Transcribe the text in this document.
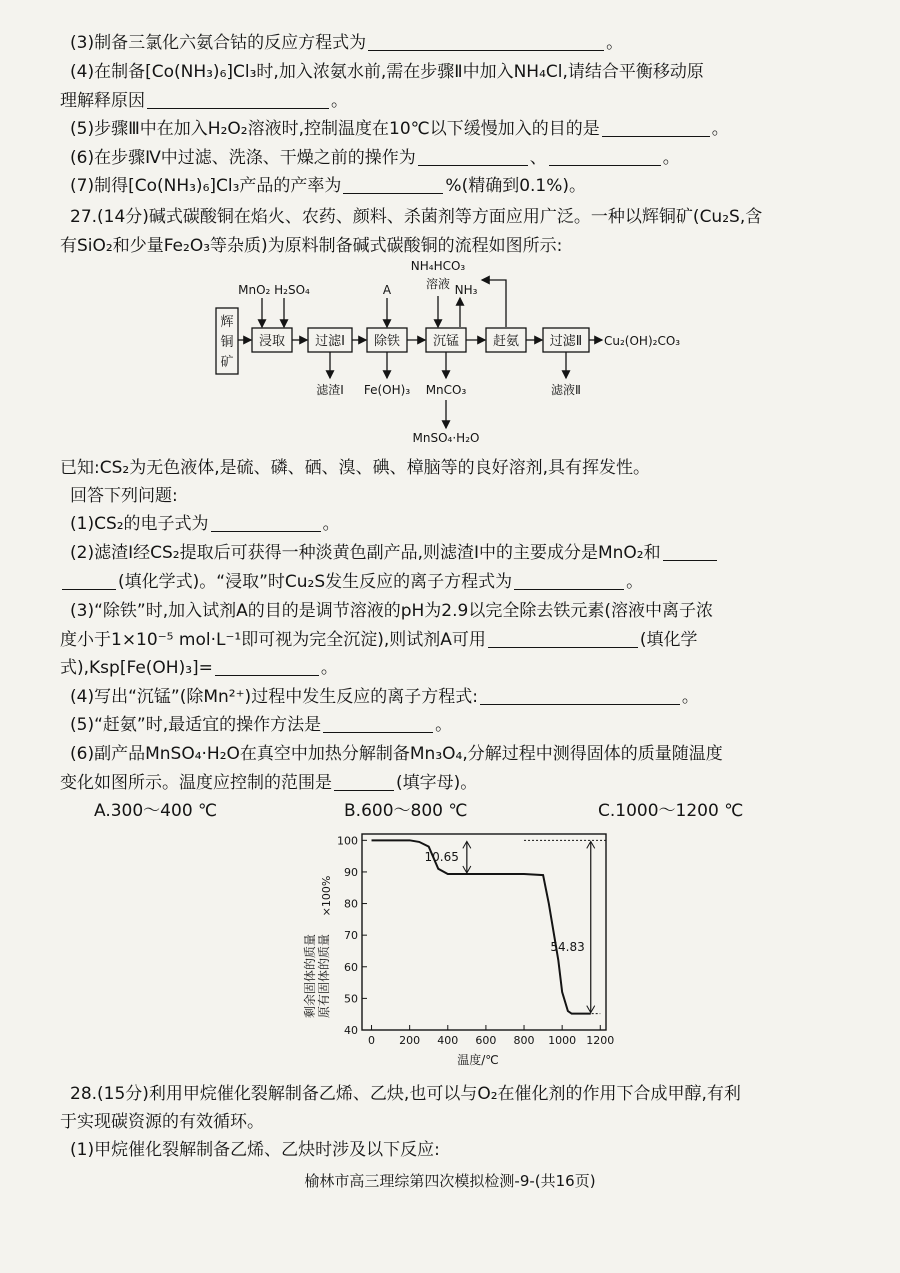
(3)制备三氯化六氨合钴的反应方程式为	。
(4)在制备[Co(NH₃)₆]Cl₃时,加入浓氨水前,需在步骤Ⅱ中加入NH₄Cl,请结合平衡移动原
理解释原因	。
(5)步骤Ⅲ中在加入H₂O₂溶液时,控制温度在10℃以下缓慢加入的目的是	。
(6)在步骤Ⅳ中过滤、洗涤、干燥之前的操作为	、	。
(7)制得[Co(NH₃)₆]Cl₃产品的产率为	%(精确到0.1%)。
27.(14分)碱式碳酸铜在焰火、农药、颜料、杀菌剂等方面应用广泛。一种以辉铜矿(Cu₂S,含
有SiO₂和少量Fe₂O₃等杂质)为原料制备碱式碳酸铜的流程如图所示:
辉
铜
矿
浸取 过滤Ⅰ 除铁	沉锰	赶氨 过滤Ⅱ Cu₂(OH)₂CO₃
MnO₂ H₂SO₄	A
NH₄HCO₃
溶液 NH₃
滤渣Ⅰ Fe(OH)₃ MnCO₃
MnSO₄·H₂O
滤液Ⅱ
已知:CS₂为无色液体,是硫、磷、硒、溴、碘、樟脑等的良好溶剂,具有挥发性。
回答下列问题:
(1)CS₂的电子式为	。
(2)滤渣Ⅰ经CS₂提取后可获得一种淡黄色副产品,则滤渣Ⅰ中的主要成分是MnO₂和
(填化学式)。“浸取”时Cu₂S发生反应的离子方程式为	。
(3)“除铁”时,加入试剂A的目的是调节溶液的pH为2.9以完全除去铁元素(溶液中离子浓
度小于1×10⁻⁵ mol·L⁻¹即可视为完全沉淀),则试剂A可用	(填化学
式),Ksp[Fe(OH)₃]=	。
(4)写出“沉锰”(除Mn²⁺)过程中发生反应的离子方程式:	。
(5)“赶氨”时,最适宜的操作方法是	。
(6)副产品MnSO₄·H₂O在真空中加热分解制备Mn₃O₄,分解过程中测得固体的质量随温度
变化如图所示。温度应控制的范围是	(填字母)。
A.300～400 ℃	B.600～800 ℃	C.1000～1200 ℃
40
50
60
70
80
90
100
0 200 400 600 800 1000 1200
10.65
54.83
×100%
剩余固体的质量 原有固体的质量
温度/℃
28.(15分)利用甲烷催化裂解制备乙烯、乙炔,也可以与O₂在催化剂的作用下合成甲醇,有利
于实现碳资源的有效循环。
(1)甲烷催化裂解制备乙烯、乙炔时涉及以下反应:
榆林市高三理综第四次模拟检测-9-(共16页)
